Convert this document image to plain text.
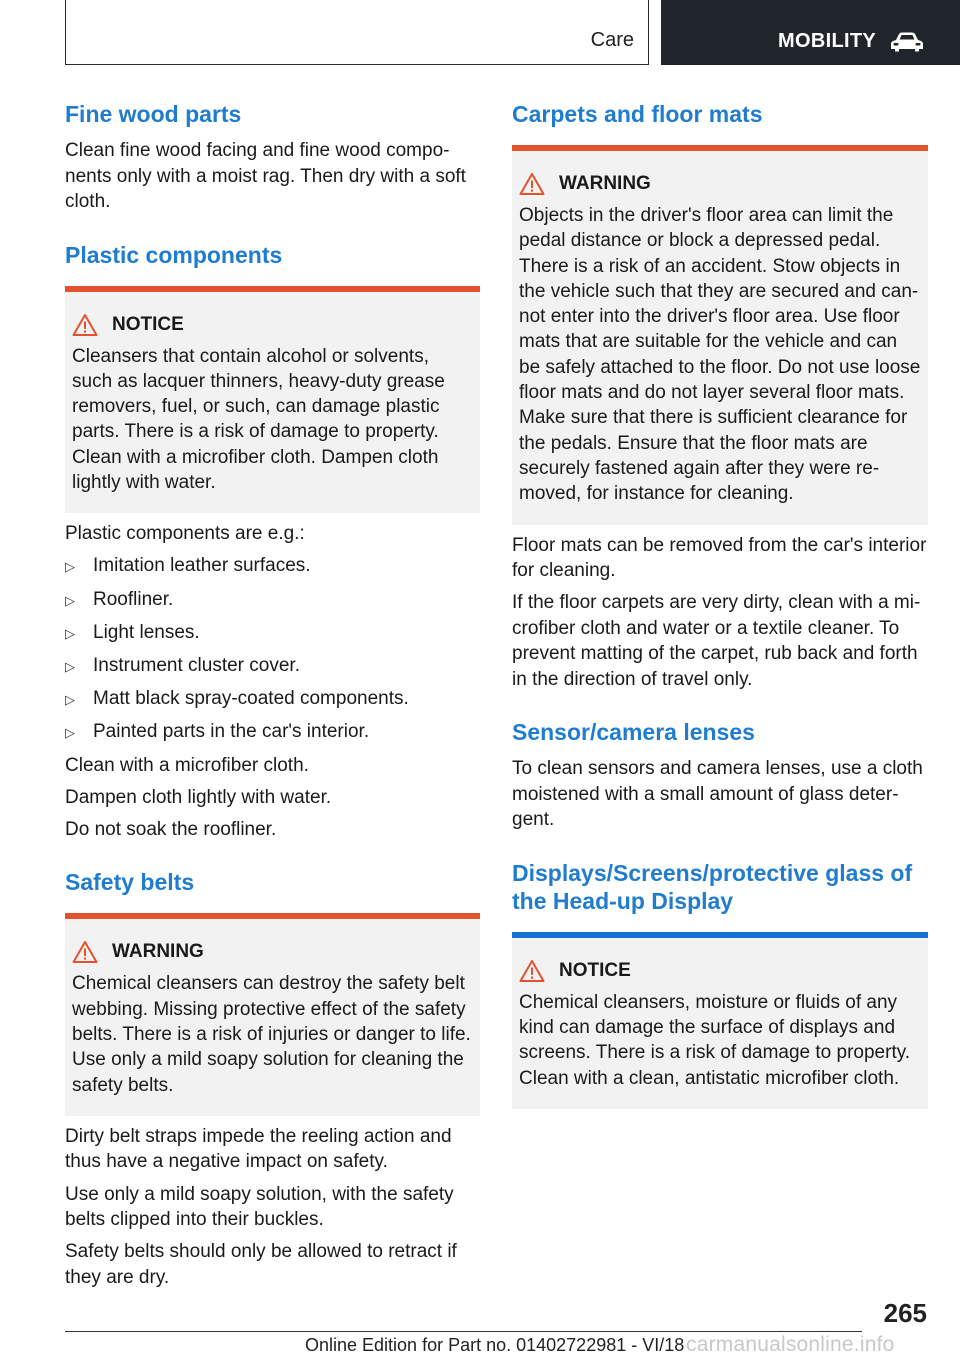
Care	MOBILITY
Fine wood parts

Clean fine wood facing and fine wood components only with a moist rag. Then dry with a soft cloth.

Plastic components
NOTICE

Cleansers that contain alcohol or solvents, such as lacquer thinners, heavy-duty grease removers, fuel, or such, can damage plastic parts. There is a risk of damage to property. Clean with a microfiber cloth. Dampen cloth lightly with water.

Plastic components are e.g.:

▷ Imitation leather surfaces.
▷ Roofliner.
▷ Light lenses.
▷ Instrument cluster cover.
▷ Matt black spray-coated components.
▷ Painted parts in the car's interior.

Clean with a microfiber cloth.

Dampen cloth lightly with water.

Do not soak the roofliner.

Safety belts
WARNING

Chemical cleansers can destroy the safety belt webbing. Missing protective effect of the safety belts. There is a risk of injuries or danger to life. Use only a mild soapy solution for cleaning the safety belts.

Dirty belt straps impede the reeling action and thus have a negative impact on safety.

Use only a mild soapy solution, with the safety belts clipped into their buckles.

Safety belts should only be allowed to retract if they are dry.

Carpets and floor mats
WARNING

Objects in the driver's floor area can limit the pedal distance or block a depressed pedal. There is a risk of an accident. Stow objects in the vehicle such that they are secured and cannot enter into the driver's floor area. Use floor mats that are suitable for the vehicle and can be safely attached to the floor. Do not use loose floor mats and do not layer several floor mats. Make sure that there is sufficient clearance for the pedals. Ensure that the floor mats are securely fastened again after they were removed, for instance for cleaning.

Floor mats can be removed from the car's interior for cleaning.

If the floor carpets are very dirty, clean with a microfiber cloth and water or a textile cleaner. To prevent matting of the carpet, rub back and forth in the direction of travel only.

Sensor/camera lenses

To clean sensors and camera lenses, use a cloth moistened with a small amount of glass detergent.

Displays/Screens/protective glass of the Head-up Display
NOTICE

Chemical cleansers, moisture or fluids of any kind can damage the surface of displays and screens. There is a risk of damage to property. Clean with a clean, antistatic microfiber cloth.

265
Online Edition for Part no. 01402722981 - VI/18 carmanualsonline.info
